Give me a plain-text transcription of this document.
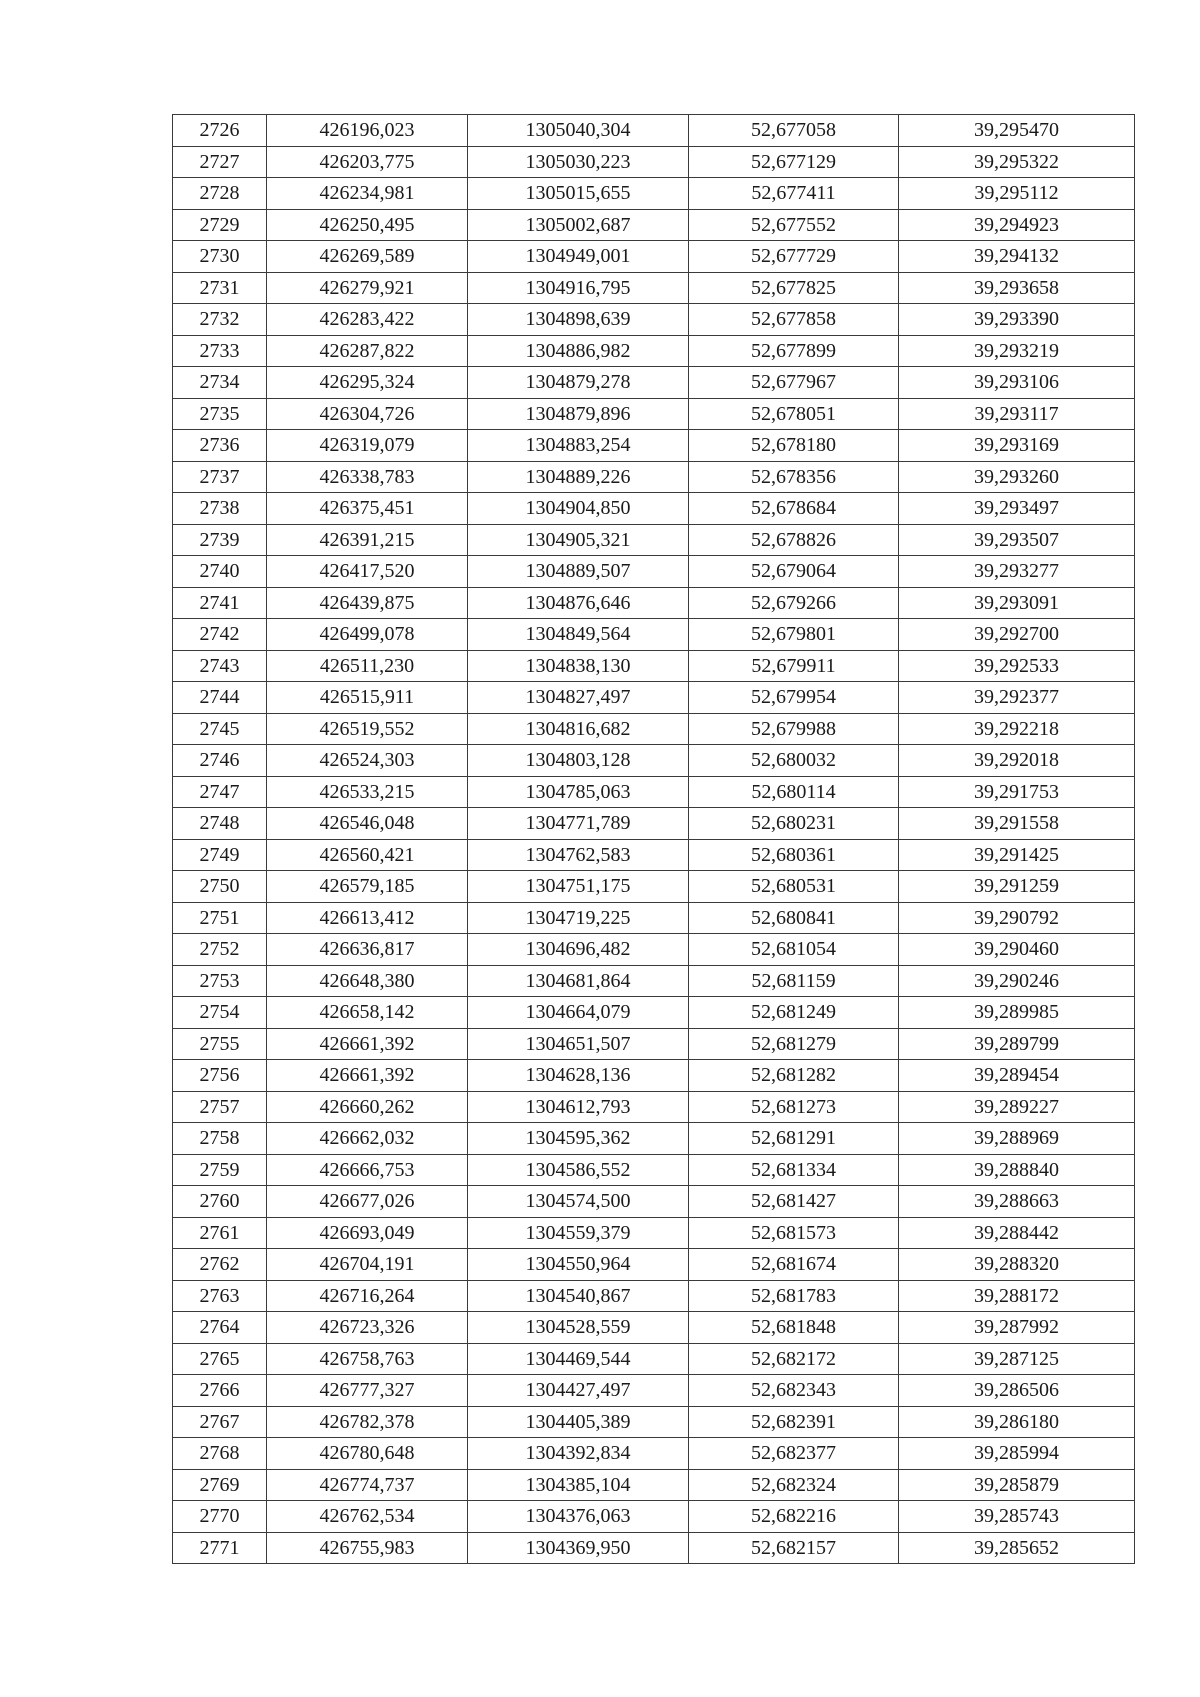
2726	426196,023	1305040,304	52,677058	39,295470
2727	426203,775	1305030,223	52,677129	39,295322
2728	426234,981	1305015,655	52,677411	39,295112
2729	426250,495	1305002,687	52,677552	39,294923
2730	426269,589	1304949,001	52,677729	39,294132
2731	426279,921	1304916,795	52,677825	39,293658
2732	426283,422	1304898,639	52,677858	39,293390
2733	426287,822	1304886,982	52,677899	39,293219
2734	426295,324	1304879,278	52,677967	39,293106
2735	426304,726	1304879,896	52,678051	39,293117
2736	426319,079	1304883,254	52,678180	39,293169
2737	426338,783	1304889,226	52,678356	39,293260
2738	426375,451	1304904,850	52,678684	39,293497
2739	426391,215	1304905,321	52,678826	39,293507
2740	426417,520	1304889,507	52,679064	39,293277
2741	426439,875	1304876,646	52,679266	39,293091
2742	426499,078	1304849,564	52,679801	39,292700
2743	426511,230	1304838,130	52,679911	39,292533
2744	426515,911	1304827,497	52,679954	39,292377
2745	426519,552	1304816,682	52,679988	39,292218
2746	426524,303	1304803,128	52,680032	39,292018
2747	426533,215	1304785,063	52,680114	39,291753
2748	426546,048	1304771,789	52,680231	39,291558
2749	426560,421	1304762,583	52,680361	39,291425
2750	426579,185	1304751,175	52,680531	39,291259
2751	426613,412	1304719,225	52,680841	39,290792
2752	426636,817	1304696,482	52,681054	39,290460
2753	426648,380	1304681,864	52,681159	39,290246
2754	426658,142	1304664,079	52,681249	39,289985
2755	426661,392	1304651,507	52,681279	39,289799
2756	426661,392	1304628,136	52,681282	39,289454
2757	426660,262	1304612,793	52,681273	39,289227
2758	426662,032	1304595,362	52,681291	39,288969
2759	426666,753	1304586,552	52,681334	39,288840
2760	426677,026	1304574,500	52,681427	39,288663
2761	426693,049	1304559,379	52,681573	39,288442
2762	426704,191	1304550,964	52,681674	39,288320
2763	426716,264	1304540,867	52,681783	39,288172
2764	426723,326	1304528,559	52,681848	39,287992
2765	426758,763	1304469,544	52,682172	39,287125
2766	426777,327	1304427,497	52,682343	39,286506
2767	426782,378	1304405,389	52,682391	39,286180
2768	426780,648	1304392,834	52,682377	39,285994
2769	426774,737	1304385,104	52,682324	39,285879
2770	426762,534	1304376,063	52,682216	39,285743
2771	426755,983	1304369,950	52,682157	39,285652
